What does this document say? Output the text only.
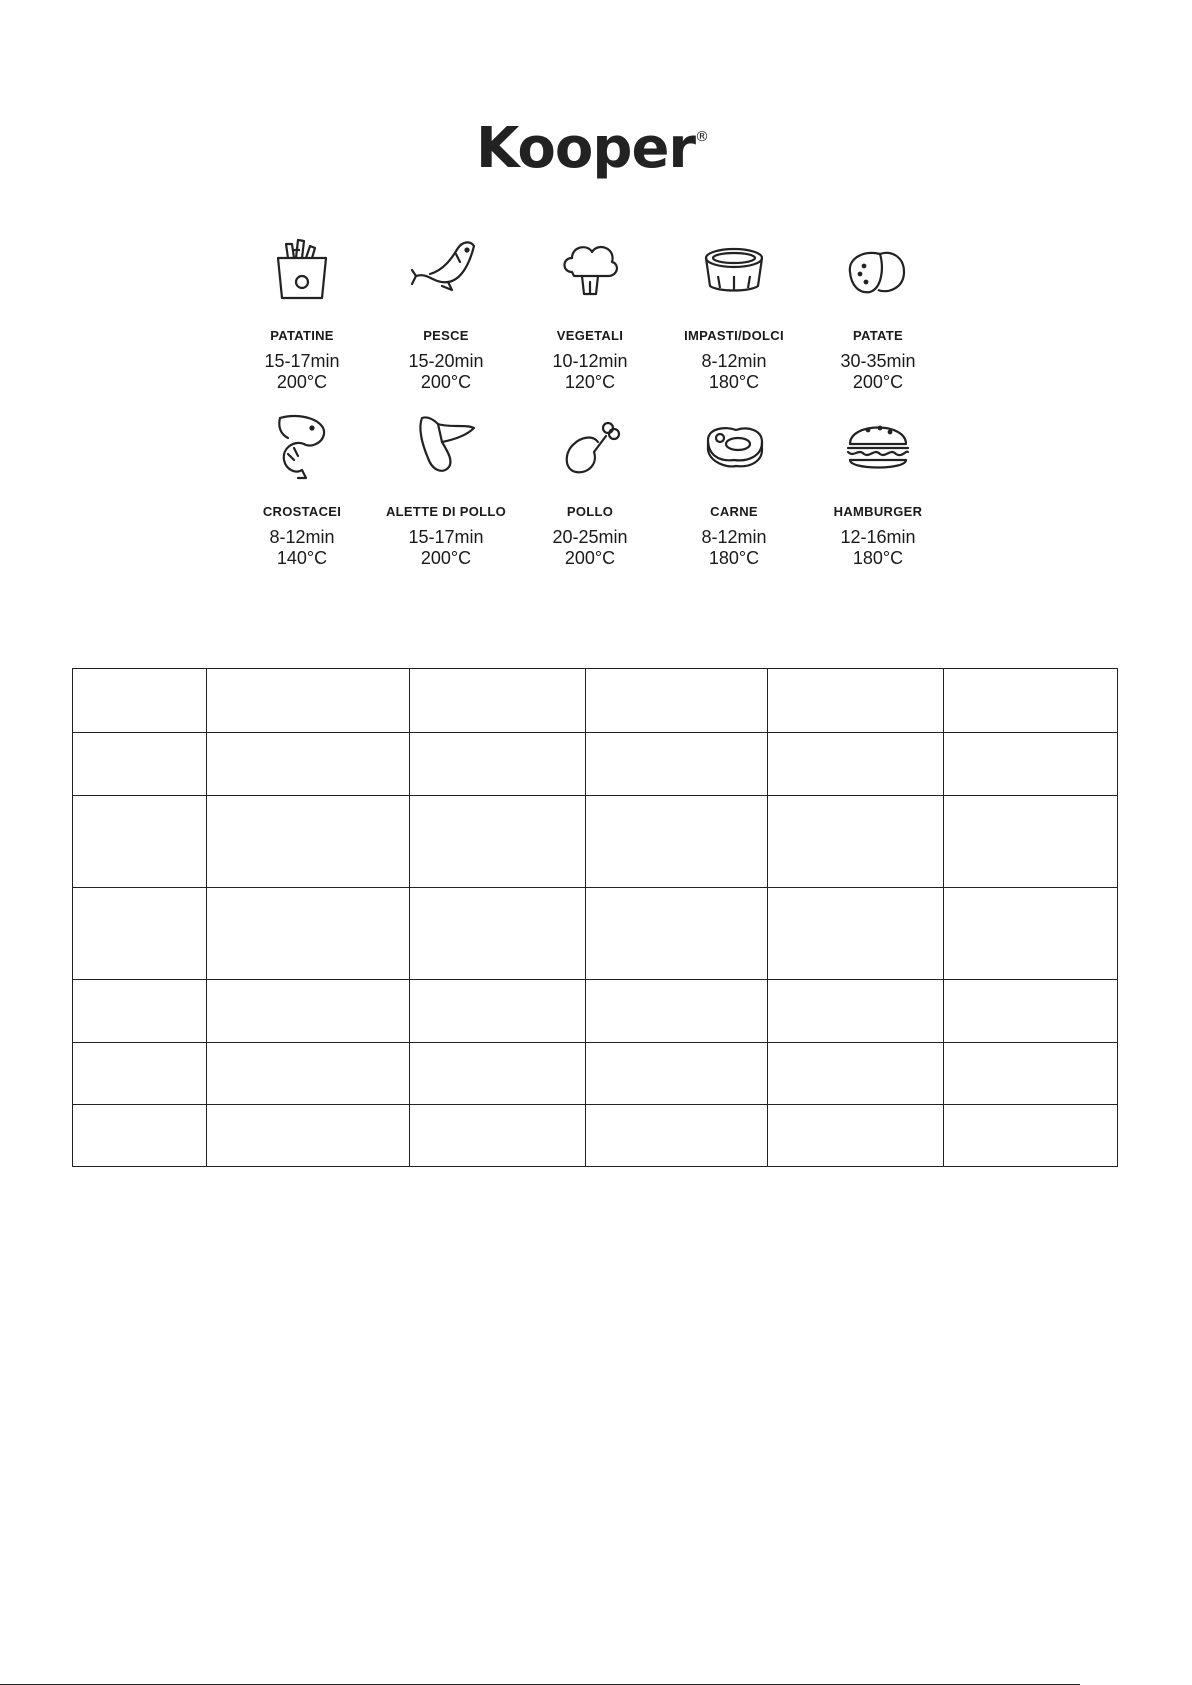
Kooper®
PATATINE
15-17min
200°C
PESCE
15-20min
200°C
VEGETALI
10-12min
120°C
IMPASTI/DOLCI
8-12min
180°C
PATATE
30-35min
200°C
CROSTACEI
8-12min
140°C
ALETTE DI POLLO
15-17min
200°C
POLLO
20-25min
200°C
CARNE
8-12min
180°C
HAMBURGER
12-16min
180°C
